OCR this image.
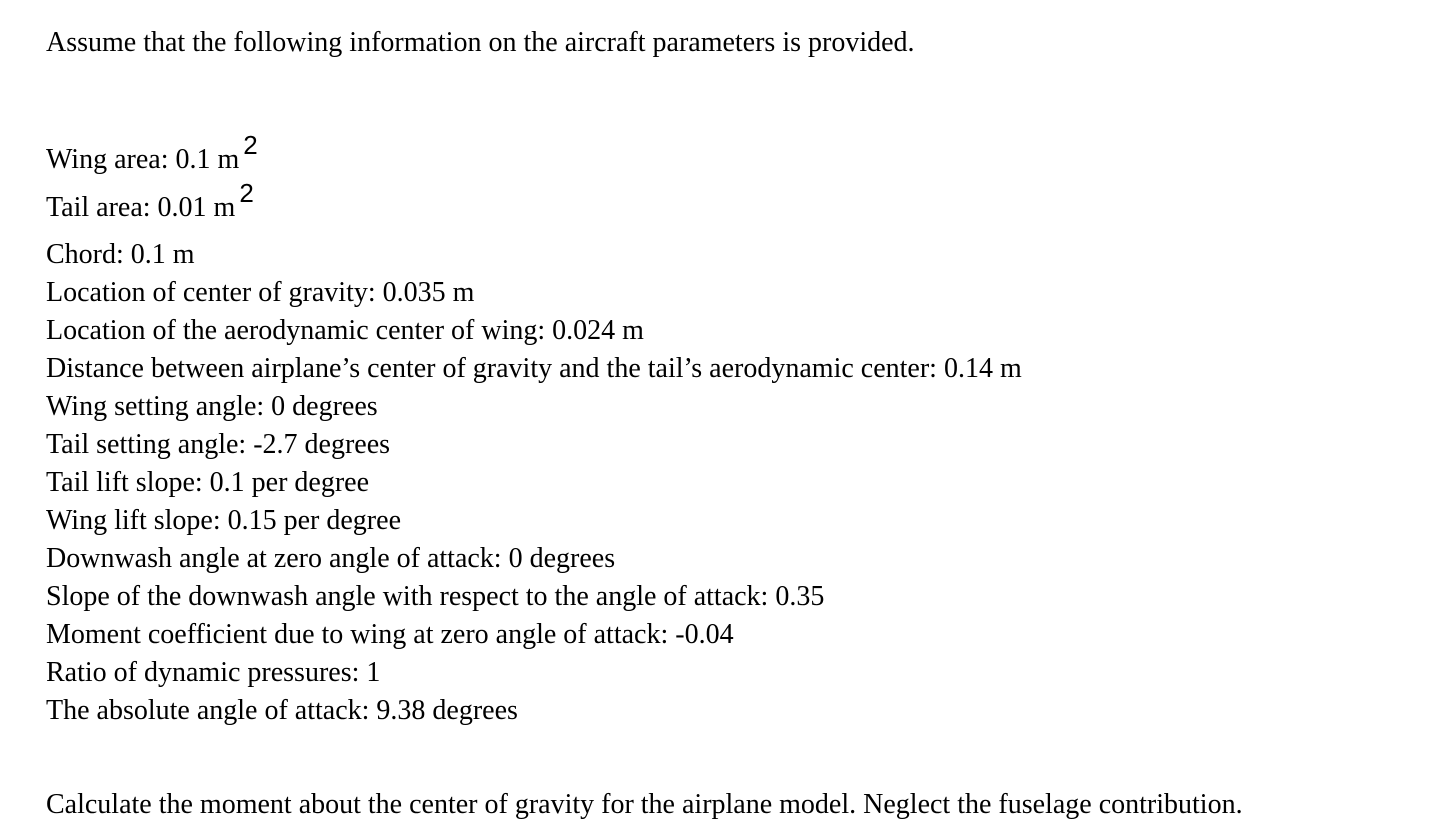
Assume that the following information on the aircraft parameters is provided.
Wing area: 0.1 m 2
Tail area: 0.01 m 2
Chord: 0.1 m
Location of center of gravity: 0.035 m
Location of the aerodynamic center of wing: 0.024 m
Distance between airplane’s center of gravity and the tail’s aerodynamic center: 0.14 m
Wing setting angle: 0 degrees
Tail setting angle: -2.7 degrees
Tail lift slope: 0.1 per degree
Wing lift slope: 0.15 per degree
Downwash angle at zero angle of attack: 0 degrees
Slope of the downwash angle with respect to the angle of attack: 0.35
Moment coefficient due to wing at zero angle of attack: -0.04
Ratio of dynamic pressures: 1
The absolute angle of attack: 9.38 degrees
Calculate the moment about the center of gravity for the airplane model. Neglect the fuselage contribution.
